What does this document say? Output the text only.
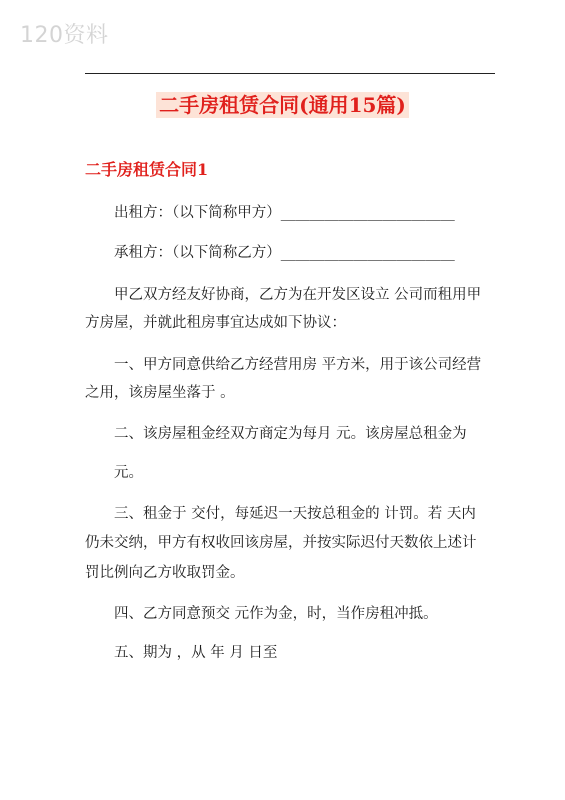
120资料
二手房租赁合同(通用15篇)
二手房租赁合同1
出租方：（以下简称甲方）________________________
承租方：（以下简称乙方）________________________
甲乙双方经友好协商，乙方为在开发区设立 公司而租用甲
方房屋，并就此租房事宜达成如下协议：
一、甲方同意供给乙方经营用房 平方米，用于该公司经营
之用，该房屋坐落于 。
二、该房屋租金经双方商定为每月 元。该房屋总租金为
元。
三、租金于 交付，每延迟一天按总租金的 计罚。若 天内
仍未交纳，甲方有权收回该房屋，并按实际迟付天数依上述计
罚比例向乙方收取罚金。
四、乙方同意预交 元作为金，时，当作房租冲抵。
五、期为 ，从 年 月 日至
